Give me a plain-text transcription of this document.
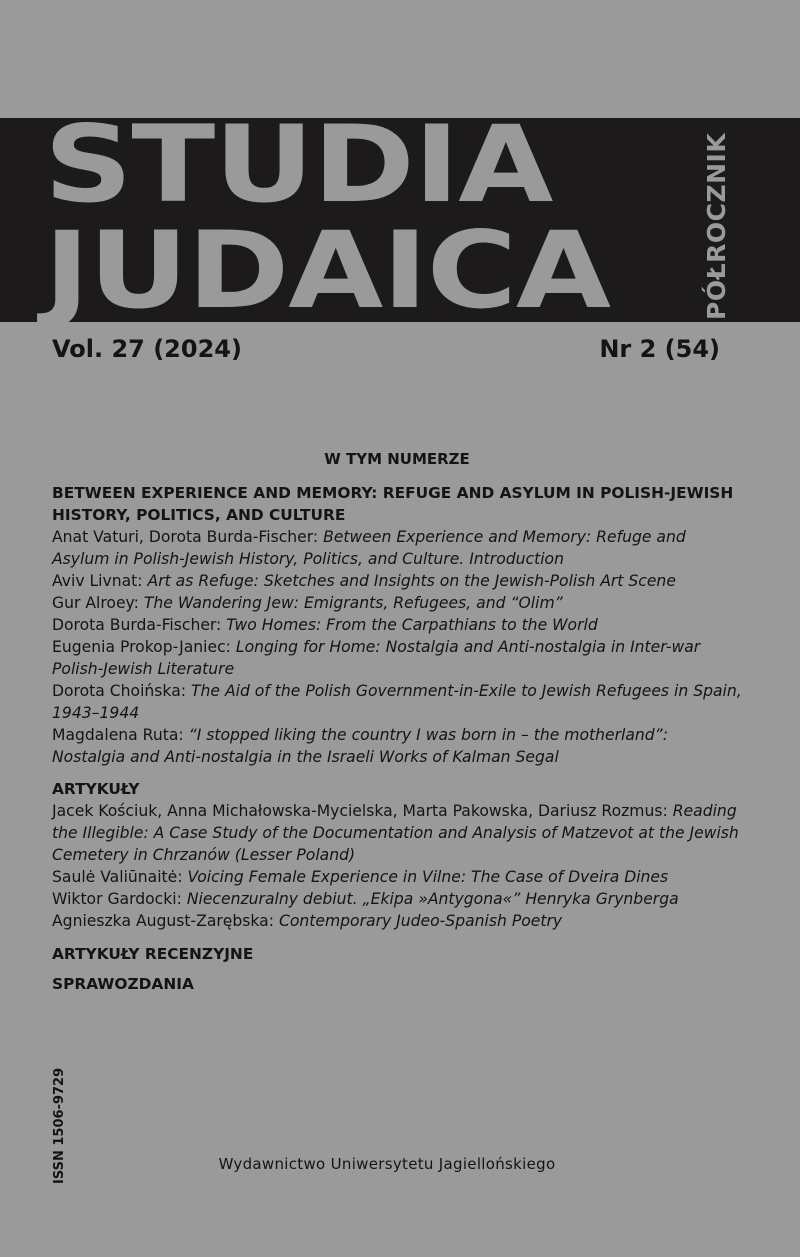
STUDIA
JUDAICA	PÓŁROCZNIK
Vol. 27 (2024)	Nr 2 (54)
W TYM NUMERZE
BETWEEN EXPERIENCE AND MEMORY: REFUGE AND ASYLUM IN POLISH-JEWISH HISTORY, POLITICS, AND CULTURE
Anat Vaturi, Dorota Burda-Fischer: Between Experience and Memory: Refuge and Asylum in Polish-Jewish History, Politics, and Culture. Introduction
Aviv Livnat: Art as Refuge: Sketches and Insights on the Jewish-Polish Art Scene
Gur Alroey: The Wandering Jew: Emigrants, Refugees, and “Olim”
Dorota Burda-Fischer: Two Homes: From the Carpathians to the World
Eugenia Prokop-Janiec: Longing for Home: Nostalgia and Anti-nostalgia in Inter-war Polish-Jewish Literature
Dorota Choińska: The Aid of the Polish Government-in-Exile to Jewish Refugees in Spain, 1943–1944
Magdalena Ruta: “I stopped liking the country I was born in – the motherland”: Nostalgia and Anti-nostalgia in the Israeli Works of Kalman Segal
ARTYKUŁY
Jacek Kościuk, Anna Michałowska-Mycielska, Marta Pakowska, Dariusz Rozmus: Reading the Illegible: A Case Study of the Documentation and Analysis of Matzevot at the Jewish Cemetery in Chrzanów (Lesser Poland)
Saulė Valiūnaitė: Voicing Female Experience in Vilne: The Case of Dveira Dines
Wiktor Gardocki: Niecenzuralny debiut. „Ekipa »Antygona«” Henryka Grynberga
Agnieszka August-Zarębska: Contemporary Judeo-Spanish Poetry
ARTYKUŁY RECENZYJNE
SPRAWOZDANIA
ISSN 1506-9729	Wydawnictwo Uniwersytetu Jagiellońskiego
